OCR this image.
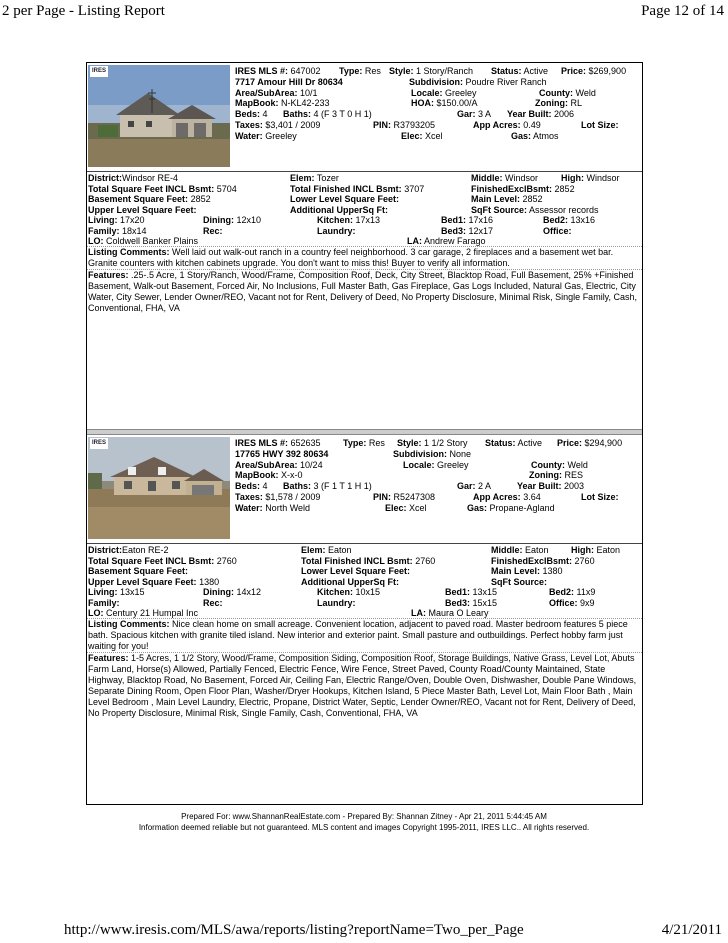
2 per Page - Listing Report	Page 12 of 14
IRES	IRES MLS #: 647002 Type: Res Style: 1 Story/Ranch Status: Active Price: $269,900
7717 Amour Hill Dr 80634	Subdivision: Poudre River Ranch
Area/SubArea: 10/1	Locale: Greeley	County: Weld
MapBook: N-KL42-233	HOA: $150.00/A	Zoning: RL
Beds: 4 Baths: 4 (F 3 T 0 H 1)	Gar: 3 A Year Built: 2006
Taxes: $3,401 / 2009	PIN: R3793205	App Acres: 0.49	Lot Size:
Water: Greeley	Elec: Xcel	Gas: Atmos
District:Windsor RE-4	Elem: Tozer	Middle: Windsor	High: Windsor
Total Square Feet INCL Bsmt: 5704	Total Finished INCL Bsmt: 3707	FinishedExclBsmt: 2852
Basement Square Feet: 2852	Lower Level Square Feet:	Main Level: 2852
Upper Level Square Feet:	Additional UpperSq Ft:	SqFt Source: Assessor records
Living: 17x20	Dining: 12x10	Kitchen: 17x13	Bed1: 17x16	Bed2: 13x16
Family: 18x14	Rec:	Laundry:	Bed3: 12x17	Office:
LO: Coldwell Banker Plains	LA: Andrew Farago
Listing Comments: Well laid out walk-out ranch in a country feel neighborhood. 3 car garage, 2 fireplaces and a basement wet bar. Granite counters with kitchen cabinets upgrade. You don't want to miss this! Buyer to verify all information.
Features: .25-.5 Acre, 1 Story/Ranch, Wood/Frame, Composition Roof, Deck, City Street, Blacktop Road, Full Basement, 25% +Finished Basement, Walk-out Basement, Forced Air, No Inclusions, Full Master Bath, Gas Fireplace, Gas Logs Included, Natural Gas, Electric, City Water, City Sewer, Lender Owner/REO, Vacant not for Rent, Delivery of Deed, No Property Disclosure, Minimal Risk, Single Family, Cash, Conventional, FHA, VA
IRES	IRES MLS #: 652635 Type: Res Style: 1 1/2 Story Status: Active Price: $294,900
17765 HWY 392 80634	Subdivision: None
Area/SubArea: 10/24	Locale: Greeley	County: Weld
MapBook: X-x-0	Zoning: RES
Beds: 4 Baths: 3 (F 1 T 1 H 1)	Gar: 2 A	Year Built: 2003
Taxes: $1,578 / 2009	PIN: R5247308	App Acres: 3.64	Lot Size:
Water: North Weld	Elec: Xcel	Gas: Propane-Agland
District:Eaton RE-2	Elem: Eaton	Middle: Eaton High: Eaton
Total Square Feet INCL Bsmt: 2760	Total Finished INCL Bsmt: 2760	FinishedExclBsmt: 2760
Basement Square Feet:	Lower Level Square Feet:	Main Level: 1380
Upper Level Square Feet: 1380	Additional UpperSq Ft:	SqFt Source:
Living: 13x15	Dining: 14x12	Kitchen: 10x15	Bed1: 13x15	Bed2: 11x9
Family:	Rec:	Laundry:	Bed3: 15x15	Office: 9x9
LO: Century 21 Humpal Inc	LA: Maura O Leary
Listing Comments: Nice clean home on small acreage. Convenient location, adjacent to paved road. Master bedroom features 5 piece bath. Spacious kitchen with granite tiled island. New interior and exterior paint. Small pasture and outbuildings. Perfect hobby farm just waiting for you!
Features: 1-5 Acres, 1 1/2 Story, Wood/Frame, Composition Siding, Composition Roof, Storage Buildings, Native Grass, Level Lot, Abuts Farm Land, Horse(s) Allowed, Partially Fenced, Electric Fence, Wire Fence, Street Paved, County Road/County Maintained, State Highway, Blacktop Road, No Basement, Forced Air, Ceiling Fan, Electric Range/Oven, Double Oven, Dishwasher, Double Pane Windows, Separate Dining Room, Open Floor Plan, Washer/Dryer Hookups, Kitchen Island, 5 Piece Master Bath, Level Lot, Main Floor Bath , Main Level Bedroom , Main Level Laundry, Electric, Propane, District Water, Septic, Lender Owner/REO, Vacant not for Rent, Delivery of Deed, No Property Disclosure, Minimal Risk, Single Family, Cash, Conventional, FHA, VA
Prepared For: www.ShannanRealEstate.com - Prepared By: Shannan Zitney - Apr 21, 2011 5:44:45 AM
Information deemed reliable but not guaranteed. MLS content and images Copyright 1995-2011, IRES LLC.. All rights reserved.
http://www.iresis.com/MLS/awa/reports/listing?reportName=Two_per_Page	4/21/2011
